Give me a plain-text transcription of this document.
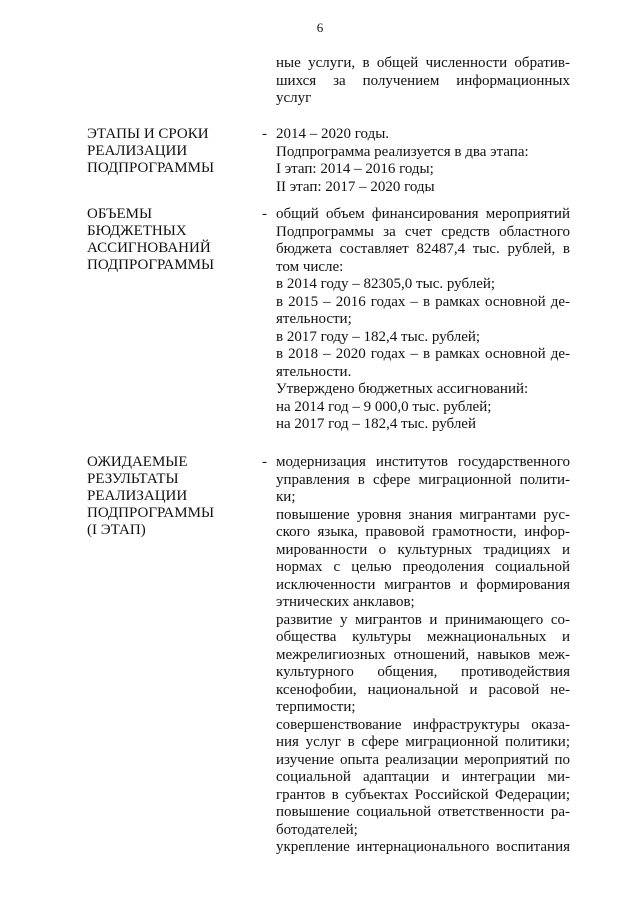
6
ные услуги, в общей численности обратив-
шихся за получением информационных
услуг
ЭТАПЫ И СРОКИ
РЕАЛИЗАЦИИ
ПОДПРОГРАММЫ
- 2014 – 2020 годы.
Подпрограмма реализуется в два этапа:
I этап: 2014 – 2016 годы;
II этап: 2017 – 2020 годы
ОБЪЕМЫ
БЮДЖЕТНЫХ
АССИГНОВАНИЙ
ПОДПРОГРАММЫ
- общий объем финансирования мероприятий
Подпрограммы за счет средств областного
бюджета составляет 82487,4 тыс. рублей, в
том числе:
в 2014 году – 82305,0 тыс. рублей;
в 2015 – 2016 годах – в рамках основной де-
ятельности;
в 2017 году – 182,4 тыс. рублей;
в 2018 – 2020 годах – в рамках основной де-
ятельности.
Утверждено бюджетных ассигнований:
на 2014 год – 9 000,0 тыс. рублей;
на 2017 год – 182,4 тыс. рублей
ОЖИДАЕМЫЕ
РЕЗУЛЬТАТЫ
РЕАЛИЗАЦИИ
ПОДПРОГРАММЫ
(I ЭТАП)
- модернизация институтов государственного
управления в сфере миграционной полити-
ки;
повышение уровня знания мигрантами рус-
ского языка, правовой грамотности, инфор-
мированности о культурных традициях и
нормах с целью преодоления социальной
исключенности мигрантов и формирования
этнических анклавов;
развитие у мигрантов и принимающего со-
общества культуры межнациональных и
межрелигиозных отношений, навыков меж-
культурного общения, противодействия
ксенофобии, национальной и расовой не-
терпимости;
совершенствование инфраструктуры оказа-
ния услуг в сфере миграционной политики;
изучение опыта реализации мероприятий по
социальной адаптации и интеграции ми-
грантов в субъектах Российской Федерации;
повышение социальной ответственности ра-
ботодателей;
укрепление интернационального воспитания
